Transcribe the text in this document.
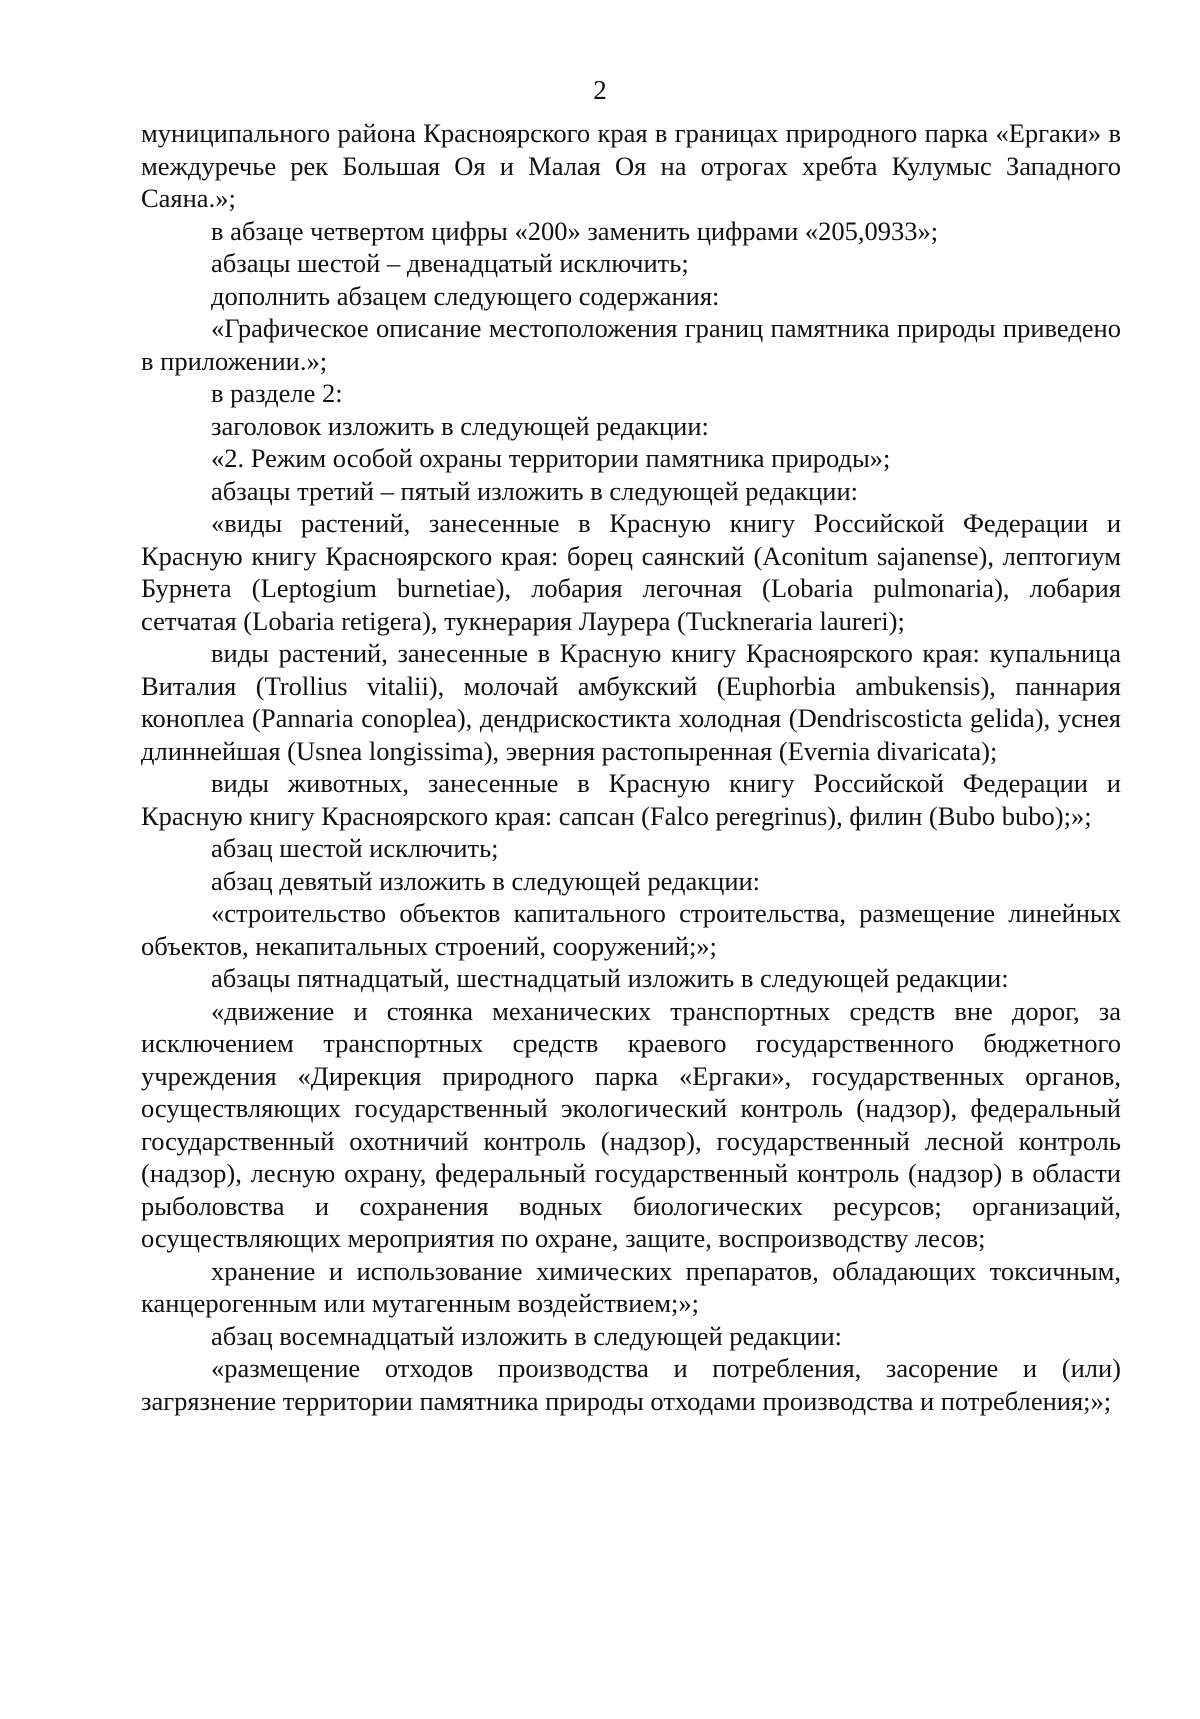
2

муниципального района Красноярского края в границах природного парка «Ергаки» в междуречье рек Большая Оя и Малая Оя на отрогах хребта Кулумыс Западного Саяна.»;

в абзаце четвертом цифры «200» заменить цифрами «205,0933»;

абзацы шестой – двенадцатый исключить;

дополнить абзацем следующего содержания:

«Графическое описание местоположения границ памятника природы приведено в приложении.»;

в разделе 2:

заголовок изложить в следующей редакции:

«2. Режим особой охраны территории памятника природы»;

абзацы третий – пятый изложить в следующей редакции:

«виды растений, занесенные в Красную книгу Российской Федерации и Красную книгу Красноярского края: борец саянский (Aconitum sajanense), лептогиум Бурнета (Leptogium burnetiae), лобария легочная (Lobaria pulmonaria), лобария сетчатая (Lobaria retigera), тукнерария Лаурера (Tuckneraria laureri);

виды растений, занесенные в Красную книгу Красноярского края: купальница Виталия (Trollius vitalii), молочай амбукский (Euphorbia ambukensis), паннария коноплеа (Pannaria conoplea), дендрискостикта холодная (Dendriscosticta gelida), уснея длиннейшая (Usnea longissima), эверния растопыренная (Evernia divaricata);

виды животных, занесенные в Красную книгу Российской Федерации и Красную книгу Красноярского края: сапсан (Falco peregrinus), филин (Bubo bubo);»;

абзац шестой исключить;

абзац девятый изложить в следующей редакции:

«строительство объектов капитального строительства, размещение линейных объектов, некапитальных строений, сооружений;»;

абзацы пятнадцатый, шестнадцатый изложить в следующей редакции:

«движение и стоянка механических транспортных средств вне дорог, за исключением транспортных средств краевого государственного бюджетного учреждения «Дирекция природного парка «Ергаки», государственных органов, осуществляющих государственный экологический контроль (надзор), федеральный государственный охотничий контроль (надзор), государственный лесной контроль (надзор), лесную охрану, федеральный государственный контроль (надзор) в области рыболовства и сохранения водных биологических ресурсов; организаций, осуществляющих мероприятия по охране, защите, воспроизводству лесов;

хранение и использование химических препаратов, обладающих токсичным, канцерогенным или мутагенным воздействием;»;

абзац восемнадцатый изложить в следующей редакции:

«размещение отходов производства и потребления, засорение и (или) загрязнение территории памятника природы отходами производства и потребления;»;
